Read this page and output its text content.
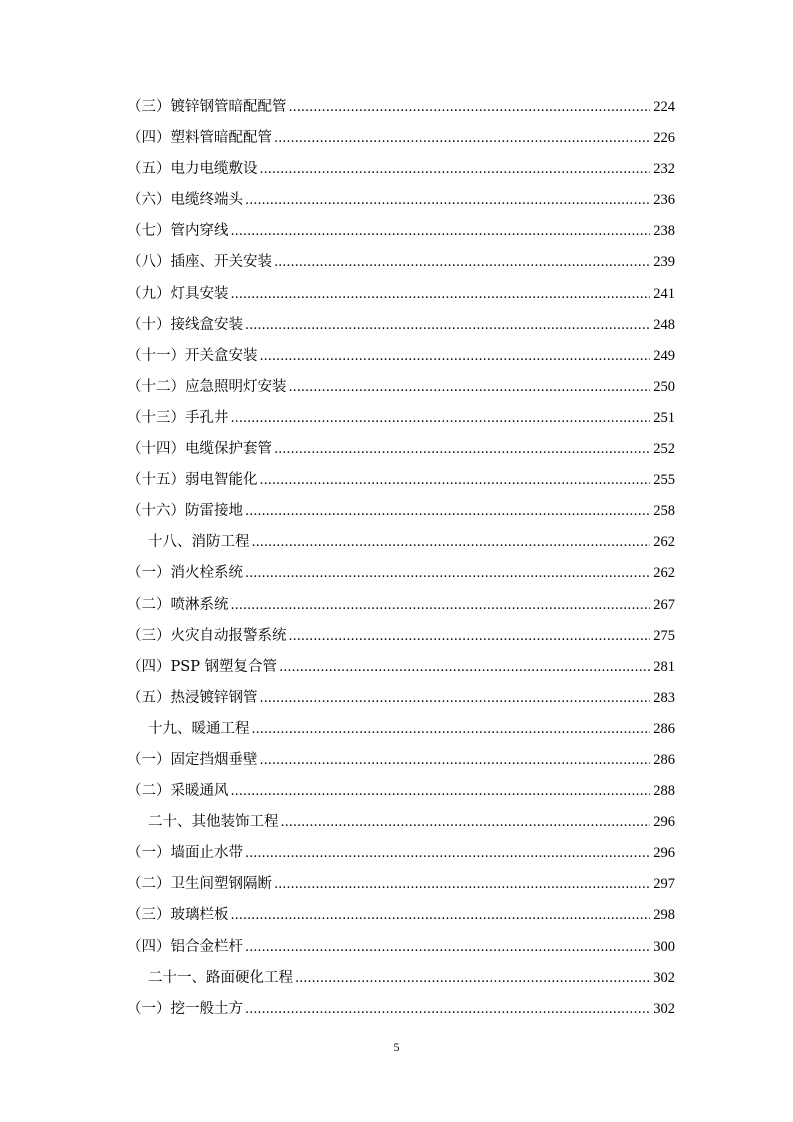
（三）镀锌钢管暗配配管 .....	224
（四）塑料管暗配配管 .....	226
（五）电力电缆敷设 .....	232
（六）电缆终端头 .....	236
（七）管内穿线 .....	238
（八）插座、开关安装 .....	239
（九）灯具安装 .....	241
（十）接线盒安装 .....	248
（十一）开关盒安装 .....	249
（十二）应急照明灯安装 .....	250
（十三）手孔井 .....	251
（十四）电缆保护套管 .....	252
（十五）弱电智能化 .....	255
（十六）防雷接地 .....	258
十八、消防工程 .....	262
（一）消火栓系统 .....	262
（二）喷淋系统 .....	267
（三）火灾自动报警系统 .....	275
（四）PSP 钢塑复合管 .....	281
（五）热浸镀锌钢管 .....	283
十九、暖通工程 .....	286
（一）固定挡烟垂壁 .....	286
（二）采暖通风 .....	288
二十、其他装饰工程 .....	296
（一）墙面止水带 .....	296
（二）卫生间塑钢隔断 .....	297
（三）玻璃栏板 .....	298
（四）铝合金栏杆 .....	300
二十一、路面硬化工程 .....	302
（一）挖一般土方 .....	302
5
